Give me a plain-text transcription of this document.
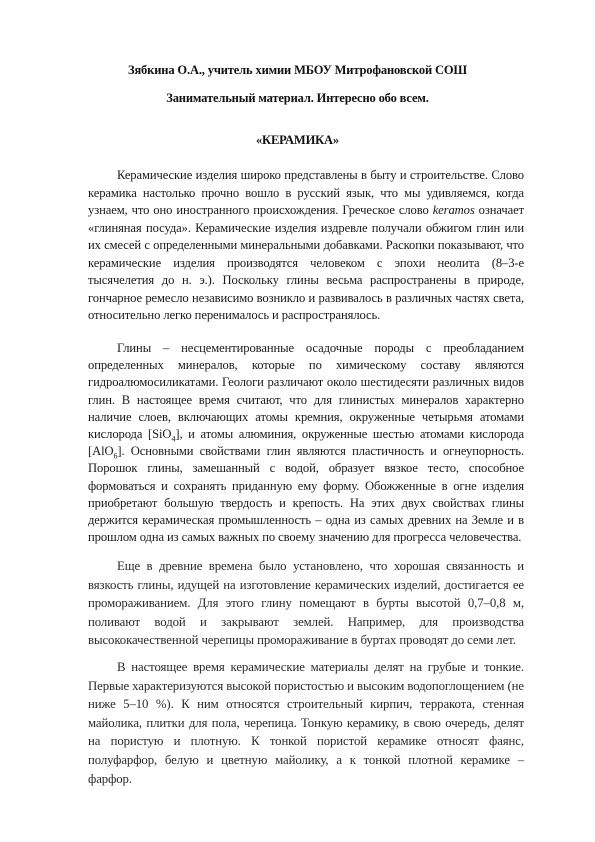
Зябкина О.А., учитель химии МБОУ Митрофановской СОШ
Занимательный материал. Интересно обо всем.
«КЕРАМИКА»

Керамические изделия широко представлены в быту и строительстве. Слово керамика настолько прочно вошло в русский язык, что мы удивляемся, когда узнаем, что оно иностранного происхождения. Греческое слово keramos означает «глиняная посуда». Керамические изделия издревле получали обжигом глин или их смесей с определенными минеральными добавками. Раскопки показывают, что керамические изделия производятся человеком с эпохи неолита (8–3-е тысячелетия до н. э.). Поскольку глины весьма распространены в природе, гончарное ремесло независимо возникло и развивалось в различных частях света, относительно легко перенималось и распространялось.

Глины – несцементированные осадочные породы с преобладанием определенных минералов, которые по химическому составу являются гидроалюмосиликатами. Геологи различают около шестидесяти различных видов глин. В настоящее время считают, что для глинистых минералов характерно наличие слоев, включающих атомы кремния, окруженные четырьмя атомами кислорода [SiO$_4$], и атомы алюминия, окруженные шестью атомами кислорода [AlO$_6$]. Основными свойствами глин являются пластичность и огнеупорность. Порошок глины, замешанный с водой, образует вязкое тесто, способное формоваться и сохранять приданную ему форму. Обожженные в огне изделия приобретают большую твердость и крепость. На этих двух свойствах глины держится керамическая промышленность – одна из самых древних на Земле и в прошлом одна из самых важных по своему значению для прогресса человечества.

Еще в древние времена было установлено, что хорошая связанность и вязкость глины, идущей на изготовление керамических изделий, достигается ее промораживанием. Для этого глину помещают в бурты высотой 0,7–0,8 м, поливают водой и закрывают землей. Например, для производства высококачественной черепицы промораживание в буртах проводят до семи лет.

В настоящее время керамические материалы делят на грубые и тонкие. Первые характеризуются высокой пористостью и высоким водопоглощением (не ниже 5–10 %). К ним относятся строительный кирпич, терракота, стенная майолика, плитки для пола, черепица. Тонкую керамику, в свою очередь, делят на пористую и плотную. К тонкой пористой керамике относят фаянс, полуфарфор, белую и цветную майолику, а к тонкой плотной керамике – фарфор.
